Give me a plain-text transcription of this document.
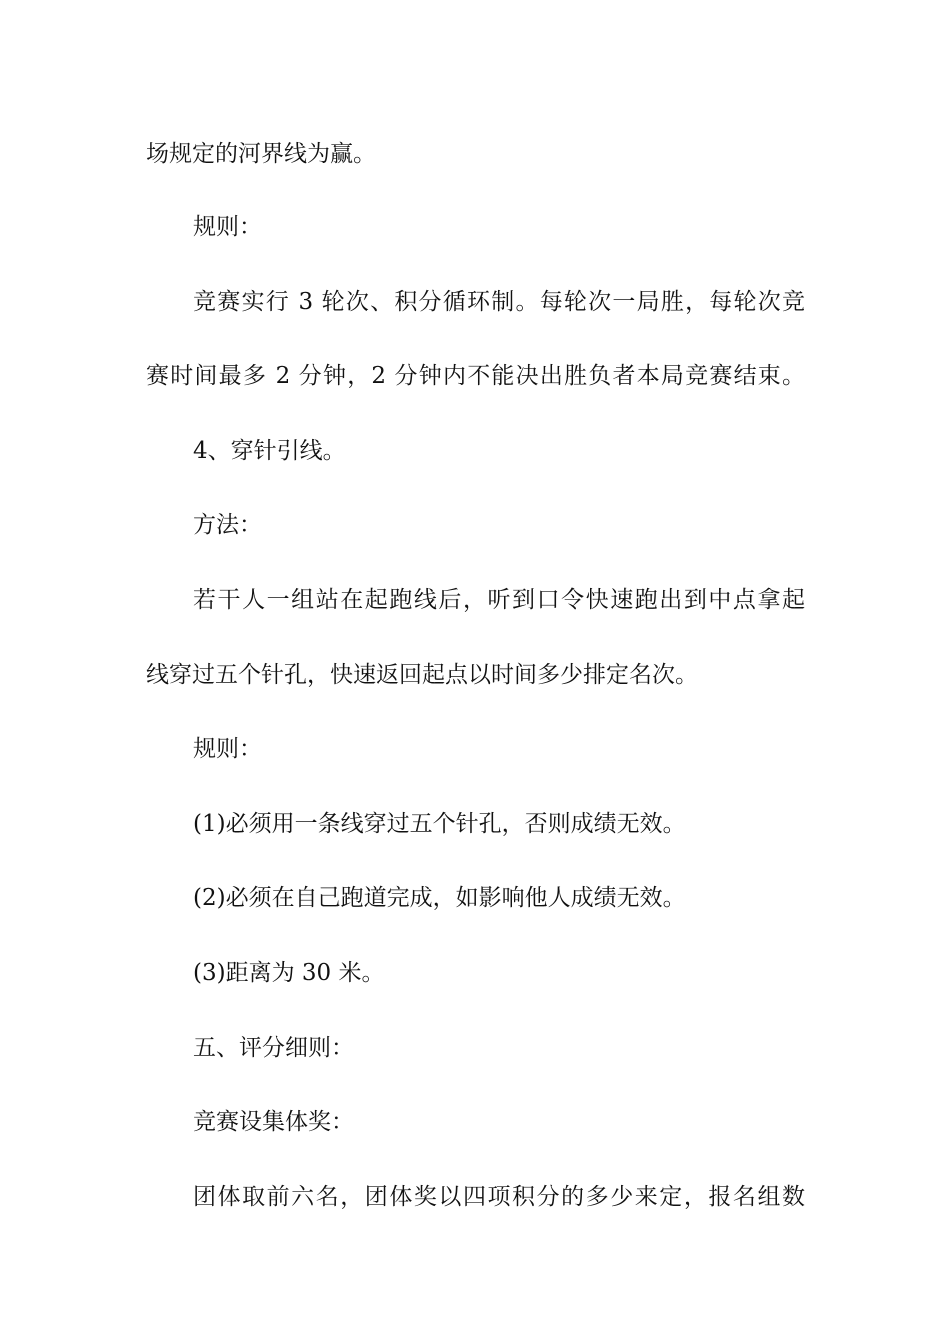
场规定的河界线为赢。
规则：
竞赛实行 3 轮次、积分循环制。每轮次一局胜，每轮次竞
赛时间最多 2 分钟，2 分钟内不能决出胜负者本局竞赛结束。
4、穿针引线。
方法：
若干人一组站在起跑线后，听到口令快速跑出到中点拿起
线穿过五个针孔，快速返回起点以时间多少排定名次。
规则：
(1)必须用一条线穿过五个针孔，否则成绩无效。
(2)必须在自己跑道完成，如影响他人成绩无效。
(3)距离为 30 米。
五、评分细则：
竞赛设集体奖：
团体取前六名，团体奖以四项积分的多少来定，报名组数
